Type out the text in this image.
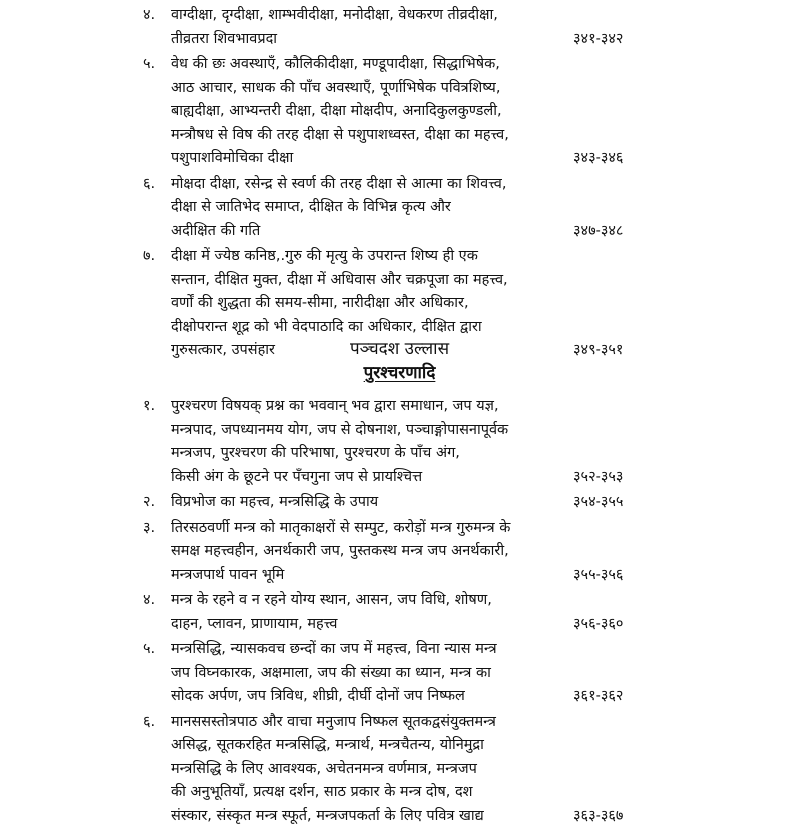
४. वाग्दीक्षा, दृग्दीक्षा, शाम्भवीदीक्षा, मनोदीक्षा, वेधकरण तीव्रदीक्षा,
तीव्रतरा शिवभावप्रदा	३४१-३४२
५. वेध की छः अवस्थाएँ, कौलिकीदीक्षा, मण्डूपादीक्षा, सिद्धाभिषेक,
आठ आचार, साधक की पाँच अवस्थाएँ, पूर्णाभिषेक पवित्रशिष्य,
बाह्यदीक्षा, आभ्यन्तरी दीक्षा, दीक्षा मोक्षदीप, अनादिकुलकुण्डली,
मन्त्रौषध से विष की तरह दीक्षा से पशुपाशध्वस्त, दीक्षा का महत्त्व,
पशुपाशविमोचिका दीक्षा	३४३-३४६
६. मोक्षदा दीक्षा, रसेन्द्र से स्वर्ण की तरह दीक्षा से आत्मा का शिवत्त्व,
दीक्षा से जातिभेद समाप्त, दीक्षित के विभिन्न कृत्य और
अदीक्षित की गति	३४७-३४८
७. दीक्षा में ज्येष्ठ कनिष्ठ,.गुरु की मृत्यु के उपरान्त शिष्य ही एक
सन्तान, दीक्षित मुक्त, दीक्षा में अधिवास और चक्रपूजा का महत्त्व,
वर्णों की शुद्धता की समय-सीमा, नारीदीक्षा और अधिकार,
दीक्षोपरान्त शूद्र को भी वेदपाठादि का अधिकार, दीक्षित द्वारा
गुरुसत्कार, उपसंहार	३४९-३५१
पञ्चदश उल्लास
पुरश्चरणादि
१. पुरश्चरण विषयक् प्रश्न का भववान् भव द्वारा समाधान, जप यज्ञ,
मन्त्रपाद, जपध्यानमय योग, जप से दोषनाश, पञ्चाङ्गोपासनापूर्वक
मन्त्रजप, पुरश्चरण की परिभाषा, पुरश्चरण के पाँच अंग,
किसी अंग के छूटने पर पँचगुना जप से प्रायश्चित्त	३५२-३५३
२. विप्रभोज का महत्त्व, मन्त्रसिद्धि के उपाय	३५४-३५५
३. तिरसठवर्णी मन्त्र को मातृकाक्षरों से सम्पुट, करोड़ों मन्त्र गुरुमन्त्र के
समक्ष महत्त्वहीन, अनर्थकारी जप, पुस्तकस्थ मन्त्र जप अनर्थकारी,
मन्त्रजपार्थ पावन भूमि	३५५-३५६
४. मन्त्र के रहने व न रहने योग्य स्थान, आसन, जप विधि, शोषण,
दाहन, प्लावन, प्राणायाम, महत्त्व	३५६-३६०
५. मन्त्रसिद्धि, न्यासकवच छन्दों का जप में महत्त्व, विना न्यास मन्त्र
जप विघ्नकारक, अक्षमाला, जप की संख्या का ध्यान, मन्त्र का
सोदक अर्पण, जप त्रिविध, शीघ्री, दीर्घी दोनों जप निष्फल	३६१-३६२
६. मानससस्तोत्रपाठ और वाचा मनुजाप निष्फल सूतकद्वसंयुक्तमन्त्र
असिद्ध, सूतकरहित मन्त्रसिद्धि, मन्त्रार्थ, मन्त्रचैतन्य, योनिमुद्रा
मन्त्रसिद्धि के लिए आवश्यक, अचेतनमन्त्र वर्णमात्र, मन्त्रजप
की अनुभूतियाँ, प्रत्यक्ष दर्शन, साठ प्रकार के मन्त्र दोष, दश
संस्कार, संस्कृत मन्त्र स्फूर्त, मन्त्रजपकर्ता के लिए पवित्र खाद्य	३६३-३६७
